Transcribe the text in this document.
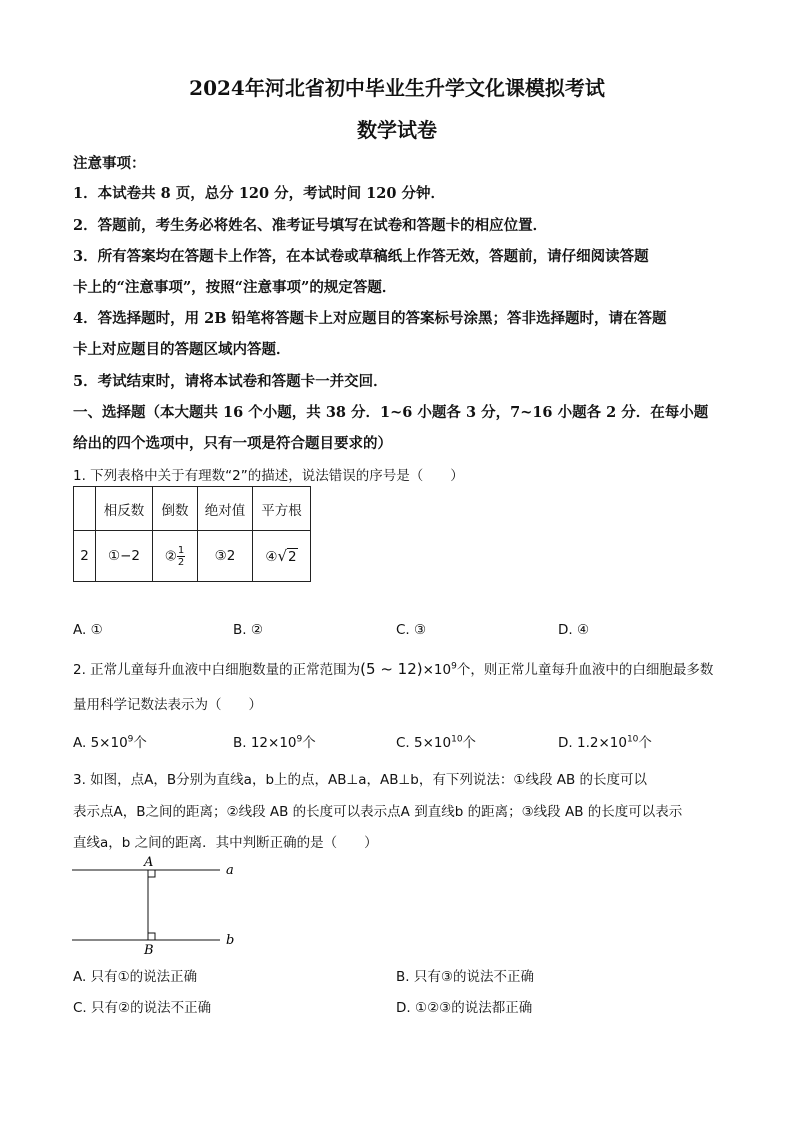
2024年河北省初中毕业生升学文化课模拟考试
数学试卷
注意事项：
1．本试卷共 8 页，总分 120 分，考试时间 120 分钟．
2．答题前，考生务必将姓名、准考证号填写在试卷和答题卡的相应位置．
3．所有答案均在答题卡上作答，在本试卷或草稿纸上作答无效，答题前，请仔细阅读答题
卡上的“注意事项”，按照“注意事项”的规定答题．
4．答选择题时，用 2B 铅笔将答题卡上对应题目的答案标号涂黑；答非选择题时，请在答题
卡上对应题目的答题区域内答题．
5．考试结束时，请将本试卷和答题卡一并交回．
一、选择题（本大题共 16 个小题，共 38 分．1~6 小题各 3 分，7~16 小题各 2 分．在每小题
给出的四个选项中，只有一项是符合题目要求的）
1. 下列表格中关于有理数“2”的描述，说法错误的序号是（　　）
	相反数	倒数	绝对值	平方根
2	①−2	② $\frac{1}{2}$	③2	④√2
A. ①	B. ②	C. ③	D. ④
2. 正常儿童每升血液中白细胞数量的正常范围为(5 ~ $12)\times 10^9$个，则正常儿童每升血液中的白细胞最多数
量用科学记数法表示为（　　）
A. $5\times 10^9$个	B. $12\times 10^9$个	C. $5\times 10^{10}$个	D. $1.2\times 10^{10}$个
3. 如图，点A，B分别为直线a，b上的点，AB⊥a，AB⊥b，有下列说法：①线段 AB 的长度可以
表示点A，B之间的距离；②线段 AB 的长度可以表示点A 到直线b 的距离；③线段 AB 的长度可以表示
直线a，b 之间的距离．其中判断正确的是（　　）
A
B
a
b
A. 只有①的说法正确	B. 只有③的说法不正确
C. 只有②的说法不正确	D. ①②③的说法都正确
